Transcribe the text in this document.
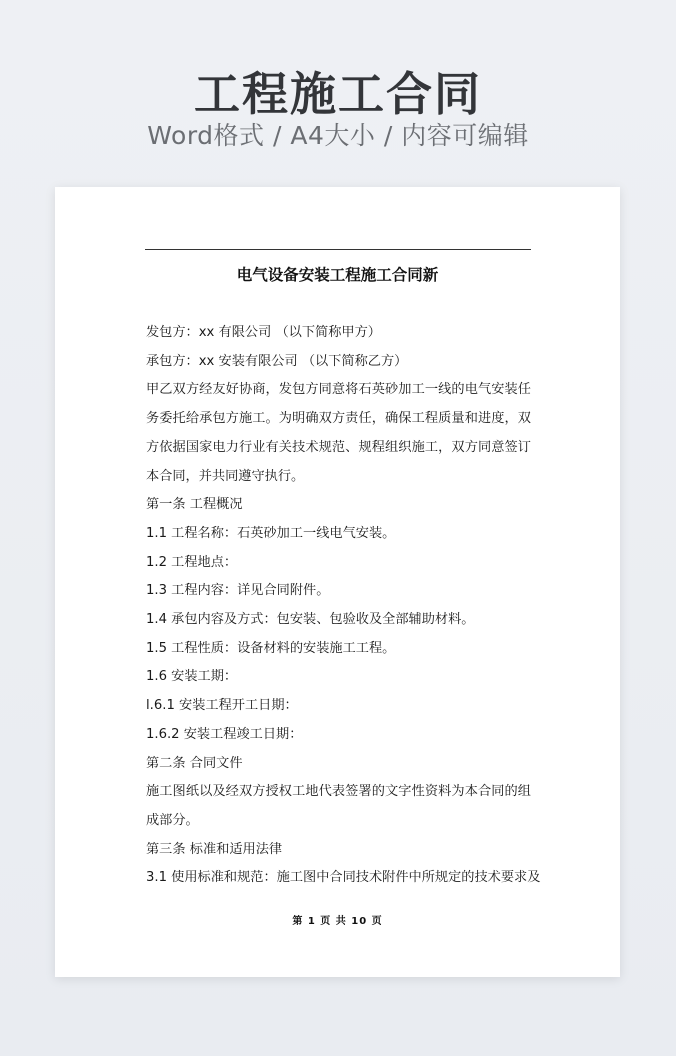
工程施工合同
Word格式 / A4大小 / 内容可编辑
电气设备安装工程施工合同新

发包方：xx 有限公司 （以下简称甲方）

承包方：xx 安装有限公司 （以下简称乙方）

甲乙双方经友好协商，发包方同意将石英砂加工一线的电气安装任务委托给承包方施工。为明确双方责任，确保工程质量和进度，双方依据国家电力行业有关技术规范、规程组织施工，双方同意签订本合同，并共同遵守执行。

第一条 工程概况

1.1 工程名称：石英砂加工一线电气安装。

1.2 工程地点：

1.3 工程内容：详见合同附件。

1.4 承包内容及方式：包安装、包验收及全部辅助材料。

1.5 工程性质：设备材料的安装施工工程。

1.6 安装工期：

l.6.1 安装工程开工日期：

1.6.2 安装工程竣工日期：

第二条 合同文件

施工图纸以及经双方授权工地代表签署的文字性资料为本合同的组成部分。

第三条 标准和适用法律

3.1 使用标准和规范：施工图中合同技术附件中所规定的技术要求及

第 1 页 共 10 页
